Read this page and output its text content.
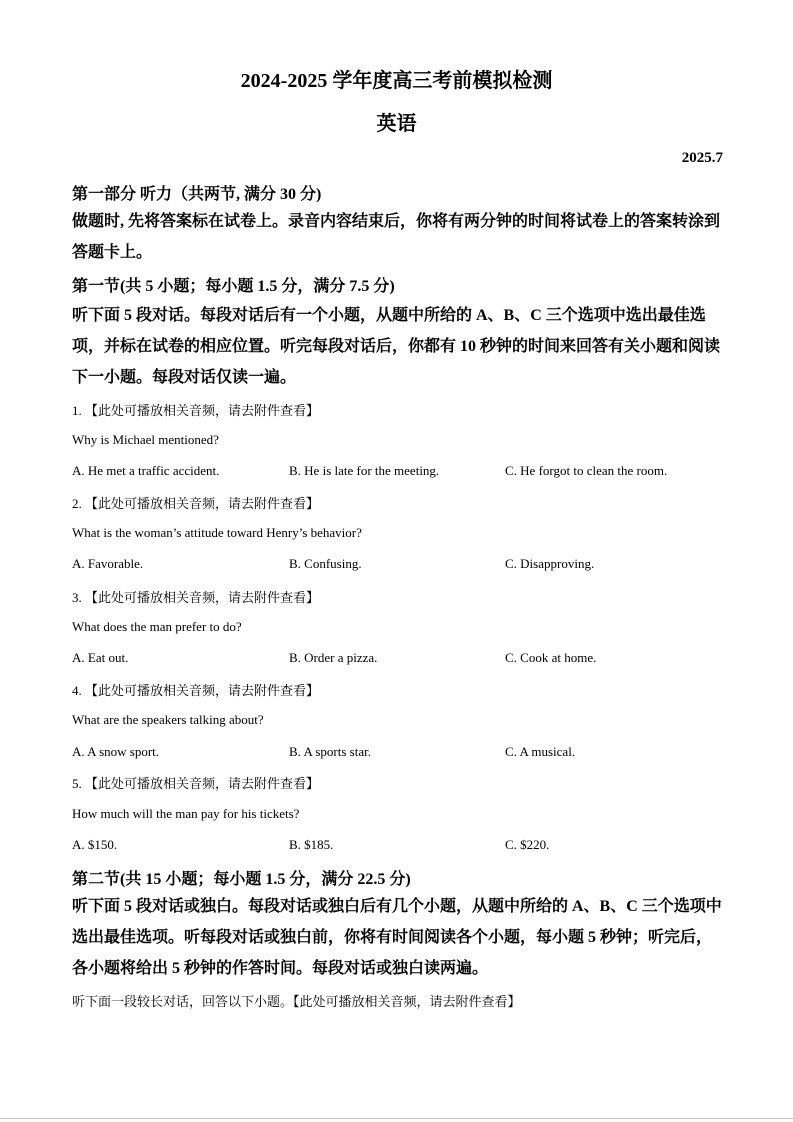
2024-2025 学年度高三考前模拟检测
英语
2025.7
第一部分 听力（共两节, 满分 30 分)
做题时, 先将答案标在试卷上。录音内容结束后，你将有两分钟的时间将试卷上的答案转涂到答题卡上。
第一节(共 5 小题；每小题 1.5 分，满分 7.5 分)
听下面 5 段对话。每段对话后有一个小题，从题中所给的 A、B、C 三个选项中选出最佳选项，并标在试卷的相应位置。听完每段对话后，你都有 10 秒钟的时间来回答有关小题和阅读下一小题。每段对话仅读一遍。
1. 【此处可播放相关音频，请去附件查看】
Why is Michael mentioned?
A. He met a traffic accident.	B. He is late for the meeting.	C. He forgot to clean the room.
2. 【此处可播放相关音频，请去附件查看】
What is the woman’s attitude toward Henry’s behavior?
A. Favorable.	B. Confusing.	C. Disapproving.
3. 【此处可播放相关音频，请去附件查看】
What does the man prefer to do?
A. Eat out.	B. Order a pizza.	C. Cook at home.
4. 【此处可播放相关音频，请去附件查看】
What are the speakers talking about?
A. A snow sport.	B. A sports star.	C. A musical.
5. 【此处可播放相关音频，请去附件查看】
How much will the man pay for his tickets?
A. $150.	B. $185.	C. $220.
第二节(共 15 小题；每小题 1.5 分，满分 22.5 分)
听下面 5 段对话或独白。每段对话或独白后有几个小题，从题中所给的 A、B、C 三个选项中选出最佳选项。听每段对话或独白前，你将有时间阅读各个小题，每小题 5 秒钟；听完后，各小题将给出 5 秒钟的作答时间。每段对话或独白读两遍。
听下面一段较长对话，回答以下小题。【此处可播放相关音频，请去附件查看】
